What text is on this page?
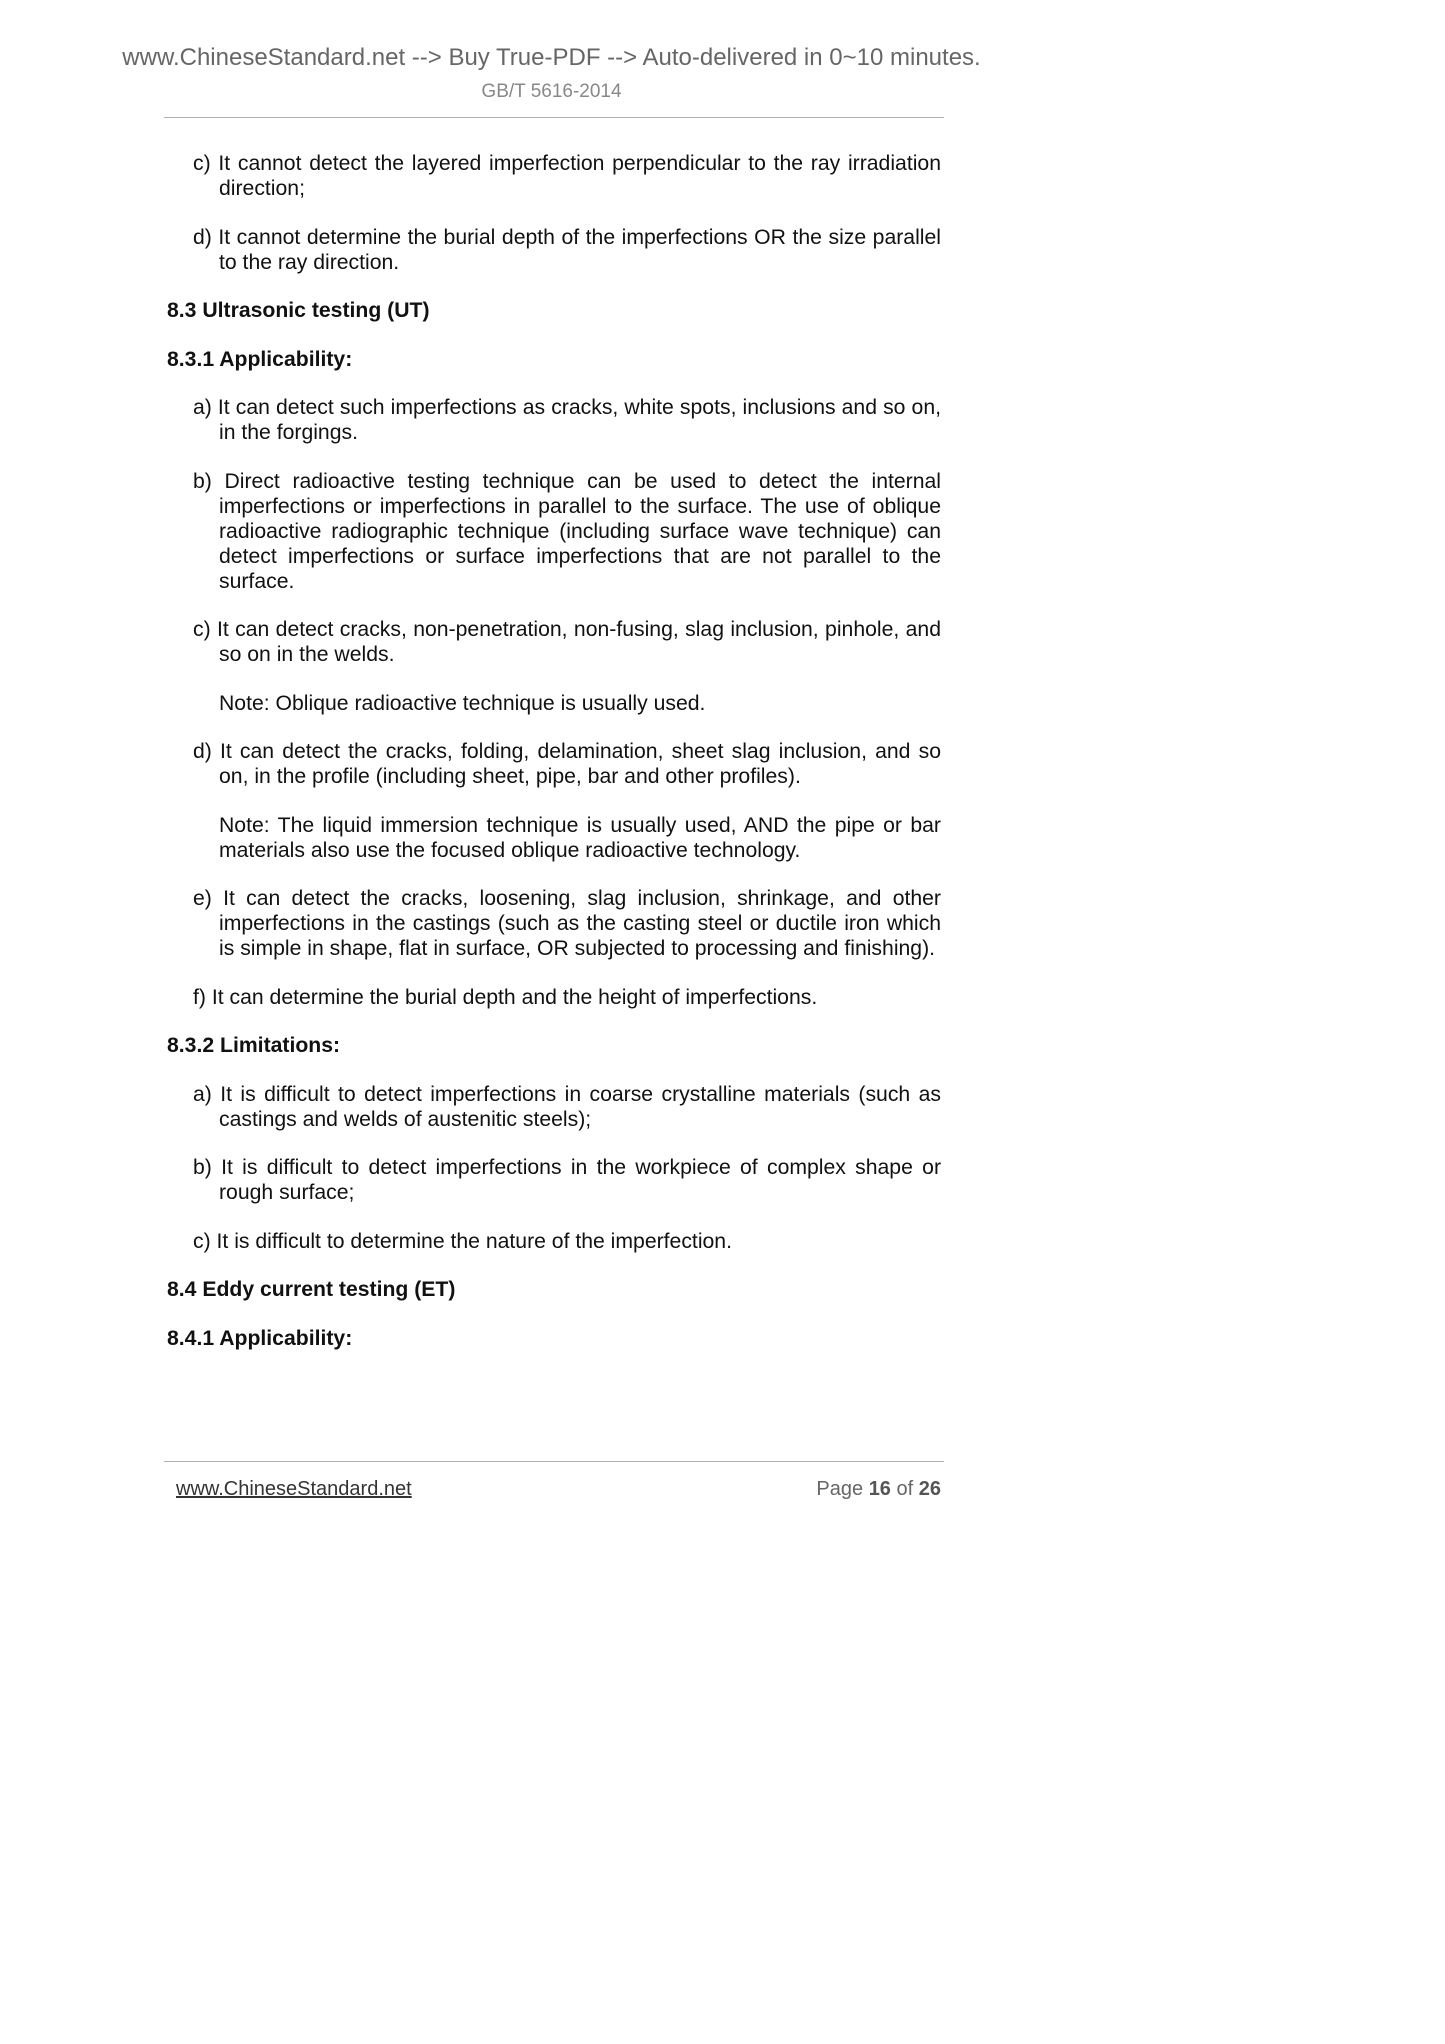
www.ChineseStandard.net --> Buy True-PDF --> Auto-delivered in 0~10 minutes.
GB/T 5616-2014
c) It cannot detect the layered imperfection perpendicular to the ray irradiation direction;
d) It cannot determine the burial depth of the imperfections OR the size parallel to the ray direction.
8.3 Ultrasonic testing (UT)
8.3.1 Applicability:
a) It can detect such imperfections as cracks, white spots, inclusions and so on, in the forgings.
b) Direct radioactive testing technique can be used to detect the internal imperfections or imperfections in parallel to the surface. The use of oblique radioactive radiographic technique (including surface wave technique) can detect imperfections or surface imperfections that are not parallel to the surface.
c) It can detect cracks, non-penetration, non-fusing, slag inclusion, pinhole, and so on in the welds.
Note: Oblique radioactive technique is usually used.
d) It can detect the cracks, folding, delamination, sheet slag inclusion, and so on, in the profile (including sheet, pipe, bar and other profiles).
Note: The liquid immersion technique is usually used, AND the pipe or bar materials also use the focused oblique radioactive technology.
e) It can detect the cracks, loosening, slag inclusion, shrinkage, and other imperfections in the castings (such as the casting steel or ductile iron which is simple in shape, flat in surface, OR subjected to processing and finishing).
f) It can determine the burial depth and the height of imperfections.
8.3.2 Limitations:
a) It is difficult to detect imperfections in coarse crystalline materials (such as castings and welds of austenitic steels);
b) It is difficult to detect imperfections in the workpiece of complex shape or rough surface;
c) It is difficult to determine the nature of the imperfection.
8.4 Eddy current testing (ET)
8.4.1 Applicability:
www.ChineseStandard.net	Page 16 of 26
